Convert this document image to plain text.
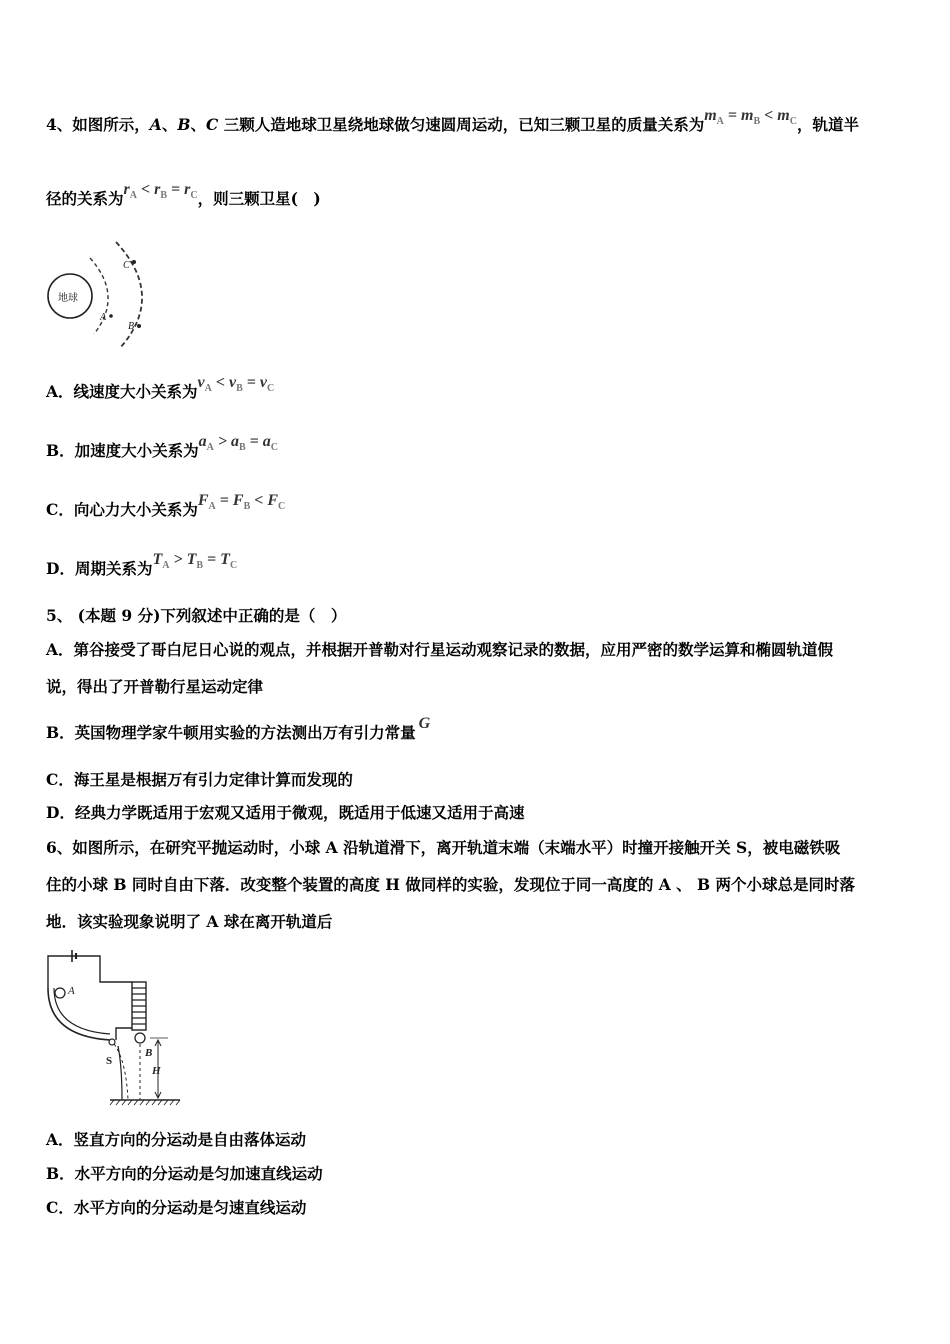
4、如图所示，A、B、C 三颗人造地球卫星绕地球做匀速圆周运动，已知三颗卫星的质量关系为$m_A = m_B < m_C$，轨道半
径的关系为$r_A < r_B = r_C$，则三颗卫星(　)
地球
A
B
C
A．线速度大小关系为$v_A < v_B = v_C$
B．加速度大小关系为$a_A > a_B = a_C$
C．向心力大小关系为$F_A = F_B < F_C$
D．周期关系为$T_A > T_B = T_C$
5、 (本题 9 分)下列叙述中正确的是（　）
A．第谷接受了哥白尼日心说的观点，并根据开普勒对行星运动观察记录的数据，应用严密的数学运算和椭圆轨道假
说，得出了开普勒行星运动定律
B．英国物理学家牛顿用实验的方法测出万有引力常量 G
C．海王星是根据万有引力定律计算而发现的
D．经典力学既适用于宏观又适用于微观，既适用于低速又适用于高速
6、如图所示，在研究平抛运动时，小球 A 沿轨道滑下，离开轨道末端（末端水平）时撞开接触开关 S，被电磁铁吸
住的小球 B 同时自由下落．改变整个装置的高度 H 做同样的实验，发现位于同一高度的 A 、 B 两个小球总是同时落
地．该实验现象说明了 A 球在离开轨道后
A
B
S
H
A．竖直方向的分运动是自由落体运动
B．水平方向的分运动是匀加速直线运动
C．水平方向的分运动是匀速直线运动
